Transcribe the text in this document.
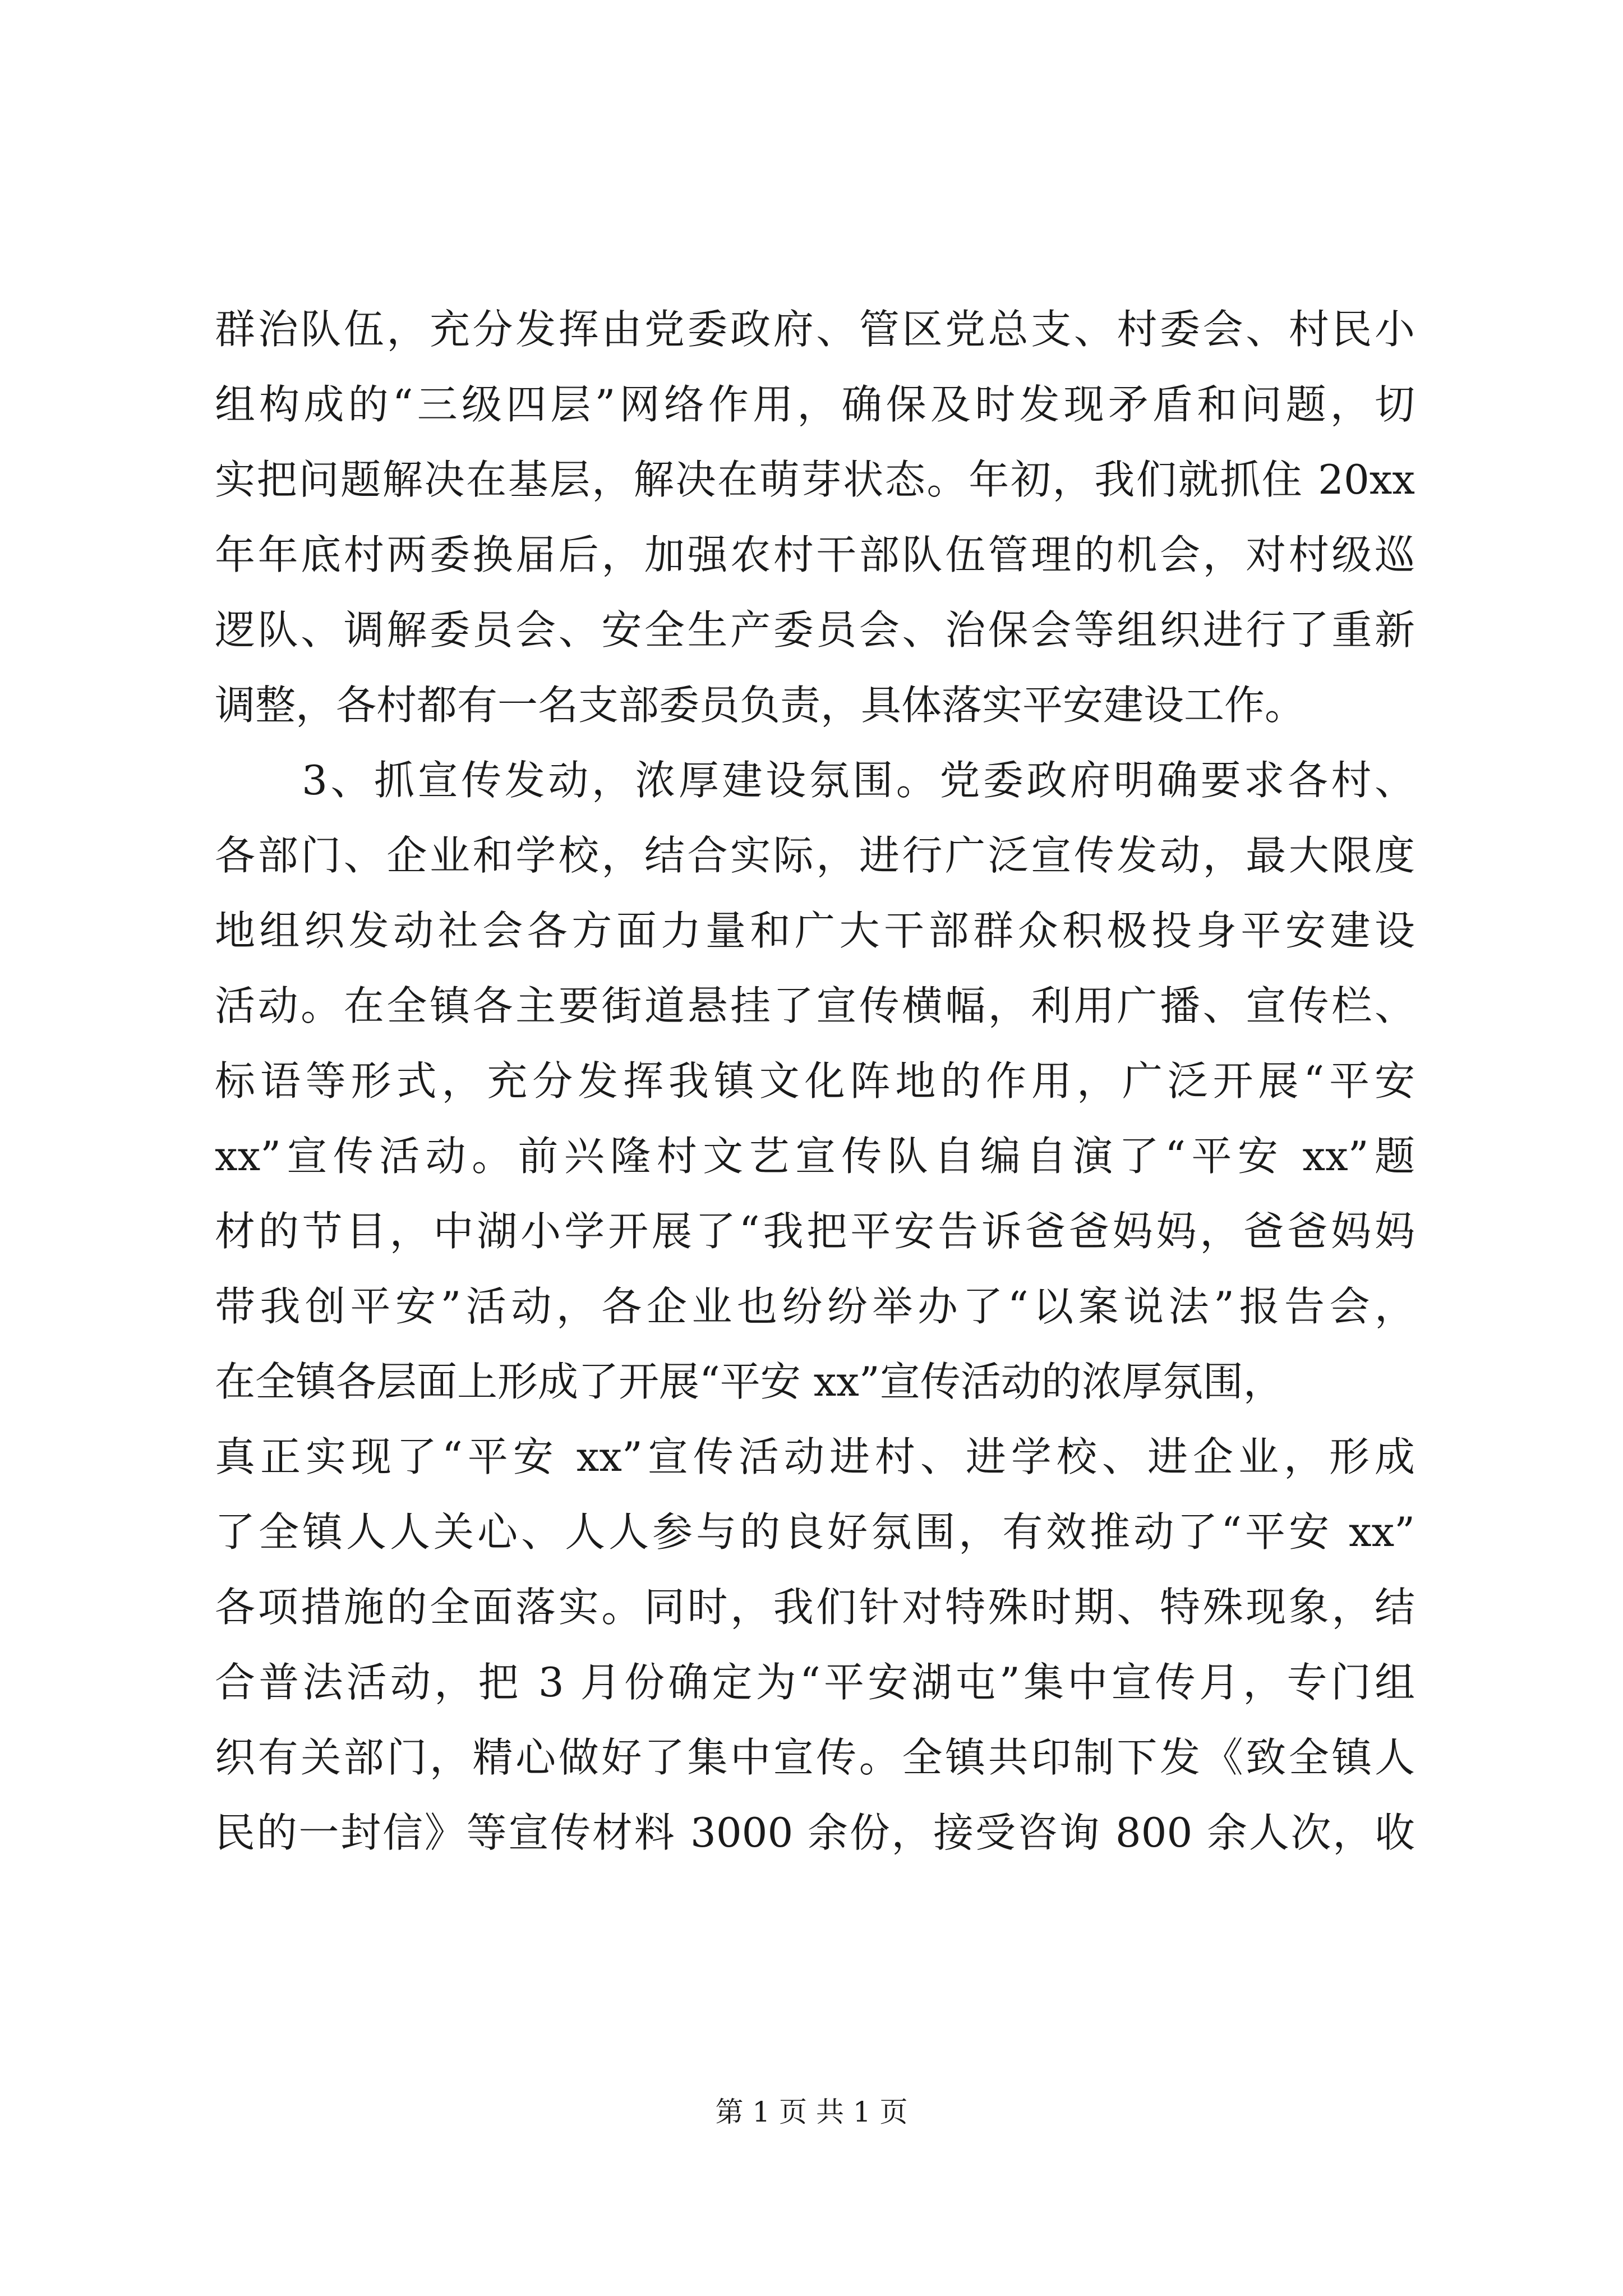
群治队伍，充分发挥由党委政府、管区党总支、村委会、村民小
组构成的“三级四层”网络作用，确保及时发现矛盾和问题，切
实把问题解决在基层，解决在萌芽状态。年初，我们就抓住 20xx
年年底村两委换届后，加强农村干部队伍管理的机会，对村级巡
逻队、调解委员会、安全生产委员会、治保会等组织进行了重新
调整，各村都有一名支部委员负责，具体落实平安建设工作。
　　3、抓宣传发动，浓厚建设氛围。党委政府明确要求各村、
各部门、企业和学校，结合实际，进行广泛宣传发动，最大限度
地组织发动社会各方面力量和广大干部群众积极投身平安建设
活动。在全镇各主要街道悬挂了宣传横幅，利用广播、宣传栏、
标语等形式，充分发挥我镇文化阵地的作用，广泛开展“平安
xx”宣传活动。前兴隆村文艺宣传队自编自演了“平安 xx”题
材的节目，中湖小学开展了“我把平安告诉爸爸妈妈，爸爸妈妈
带我创平安”活动，各企业也纷纷举办了“以案说法”报告会，
在全镇各层面上形成了开展“平安 xx”宣传活动的浓厚氛围，
真正实现了“平安 xx”宣传活动进村、进学校、进企业，形成
了全镇人人关心、人人参与的良好氛围，有效推动了“平安 xx”
各项措施的全面落实。同时，我们针对特殊时期、特殊现象，结
合普法活动，把 3 月份确定为“平安湖屯”集中宣传月，专门组
织有关部门，精心做好了集中宣传。全镇共印制下发《致全镇人
民的一封信》等宣传材料 3000 余份，接受咨询 800 余人次，收
第 1 页 共 1 页
